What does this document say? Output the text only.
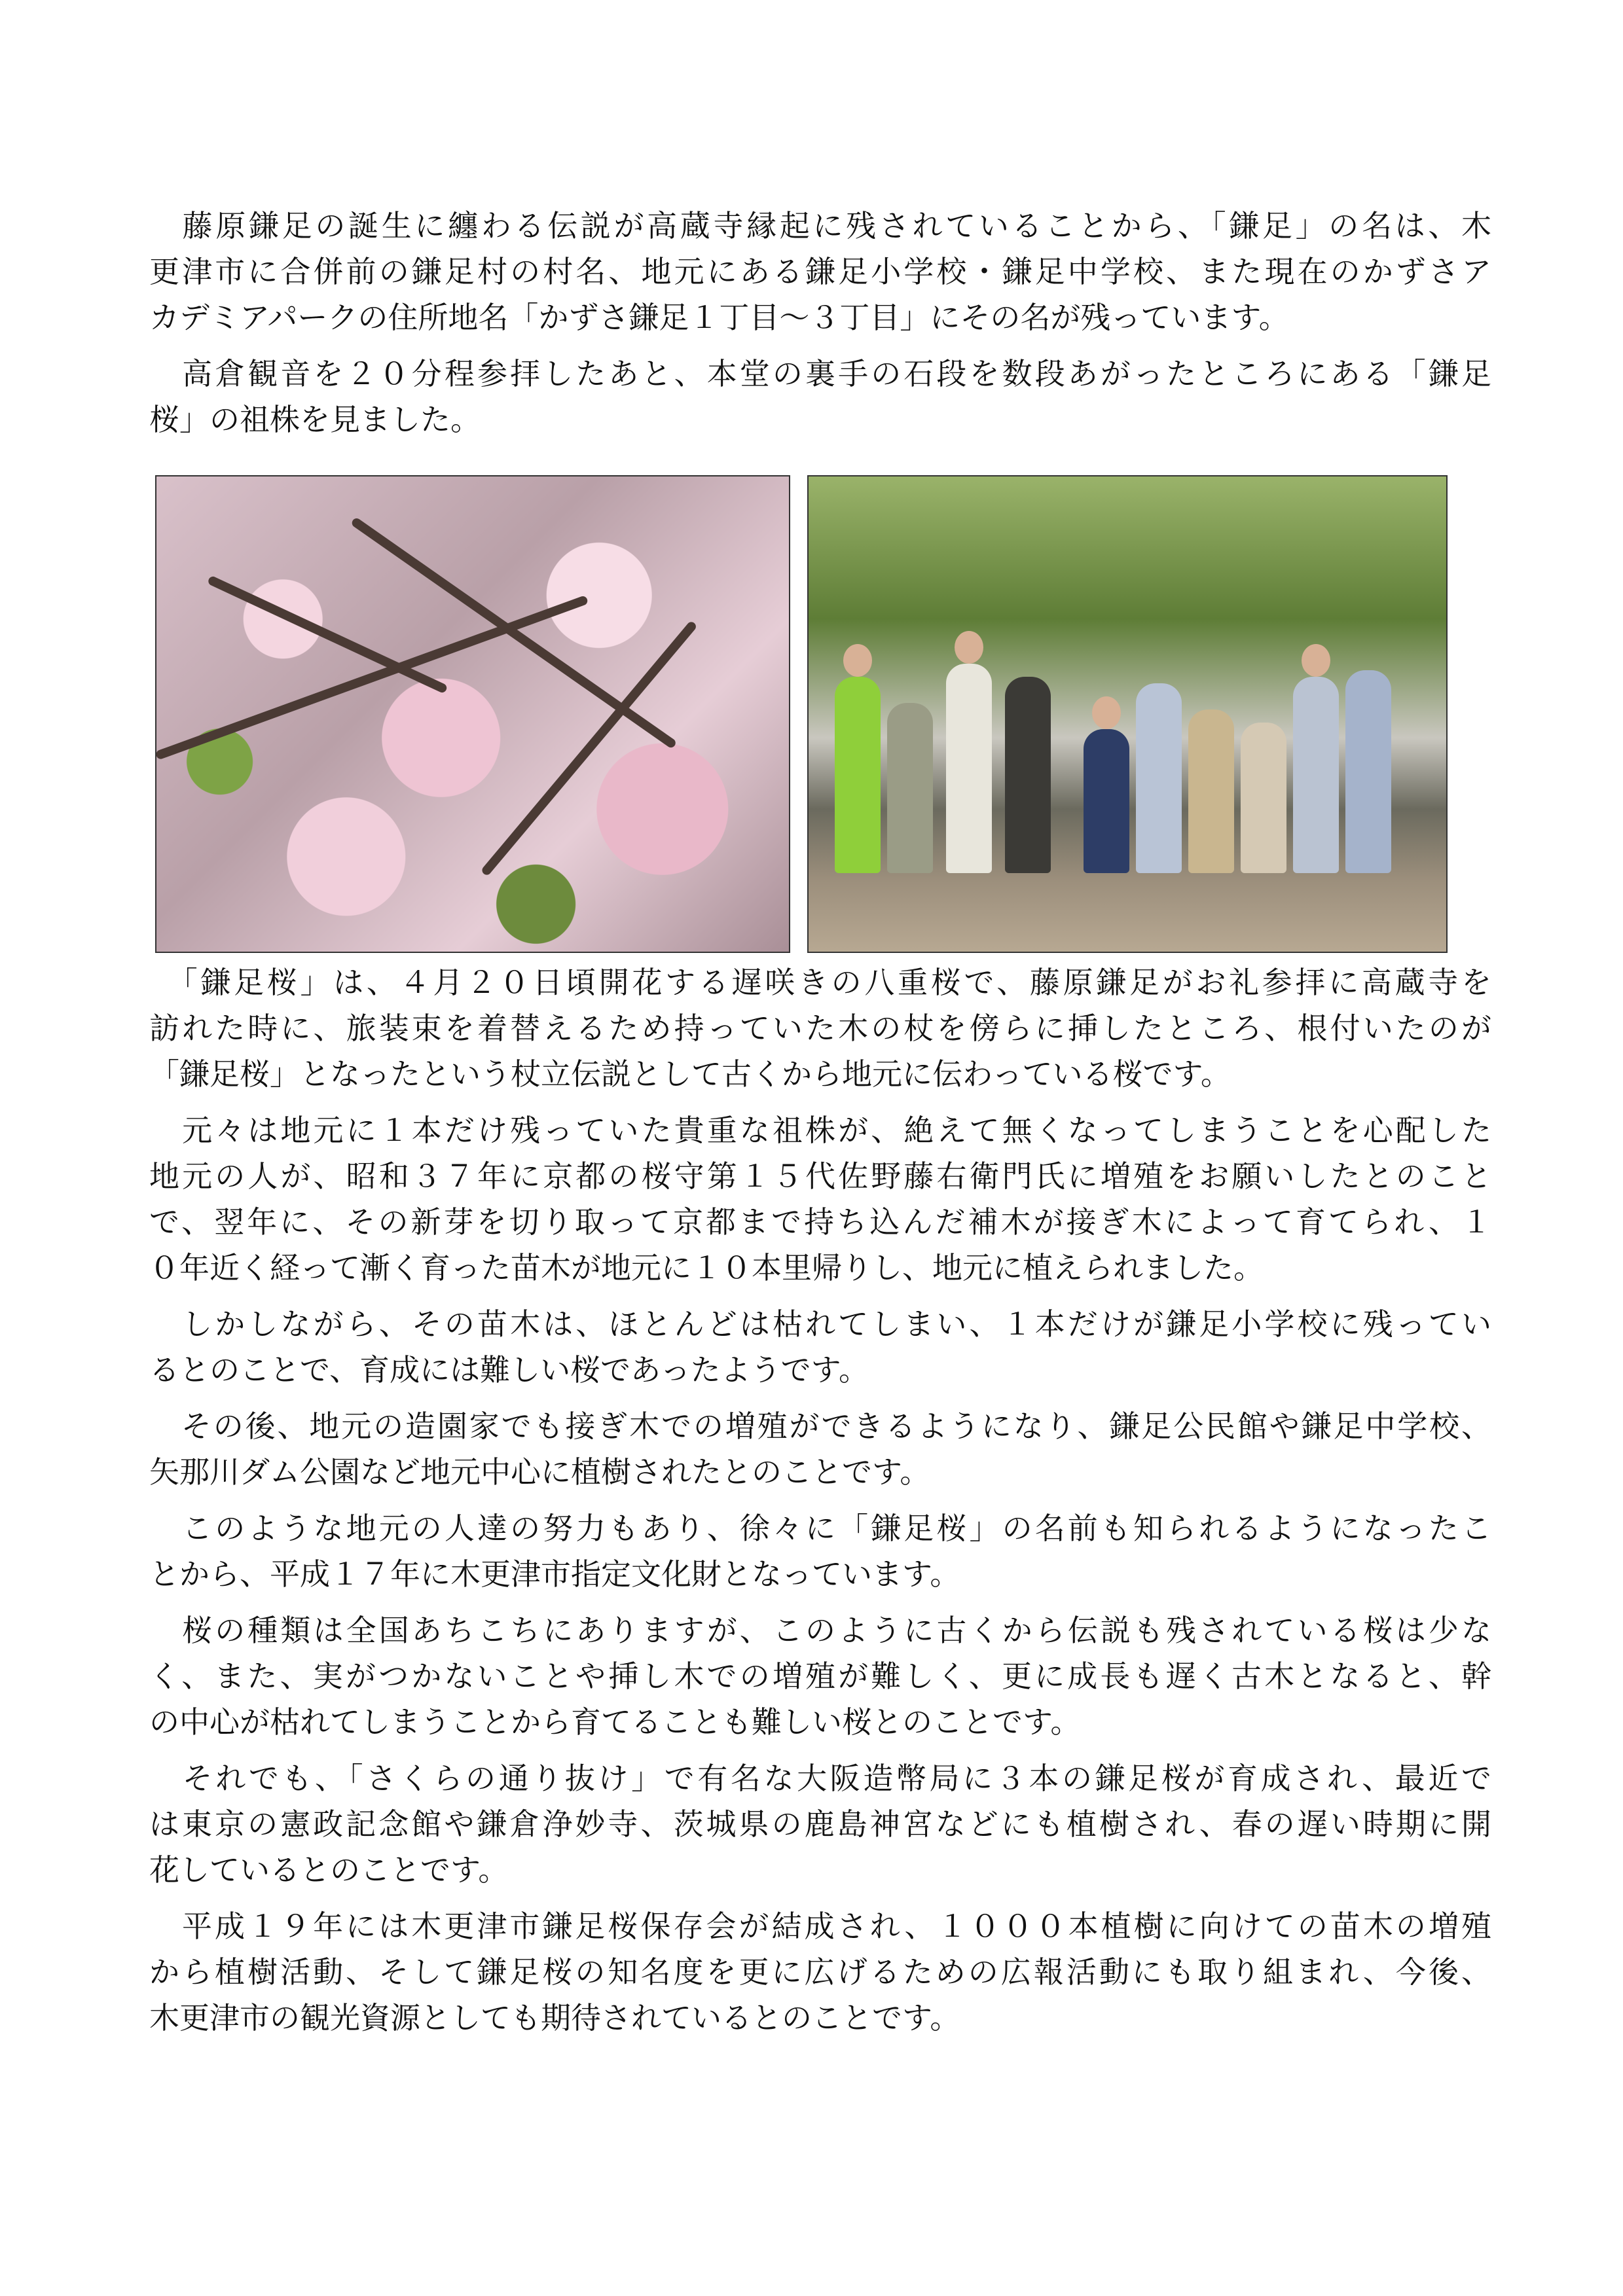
　藤原鎌足の誕生に纏わる伝説が高蔵寺縁起に残されていることから、「鎌足」の名は、木
更津市に合併前の鎌足村の村名、地元にある鎌足小学校・鎌足中学校、また現在のかずさア
カデミアパークの住所地名「かずさ鎌足１丁目～３丁目」にその名が残っています。
　高倉観音を２０分程参拝したあと、本堂の裏手の石段を数段あがったところにある「鎌足
桜」の祖株を見ました。
　「鎌足桜」は、４月２０日頃開花する遅咲きの八重桜で、藤原鎌足がお礼参拝に高蔵寺を
訪れた時に、旅装束を着替えるため持っていた木の杖を傍らに挿したところ、根付いたのが
「鎌足桜」となったという杖立伝説として古くから地元に伝わっている桜です。
　元々は地元に１本だけ残っていた貴重な祖株が、絶えて無くなってしまうことを心配した
地元の人が、昭和３７年に京都の桜守第１５代佐野藤右衛門氏に増殖をお願いしたとのこと
で、翌年に、その新芽を切り取って京都まで持ち込んだ補木が接ぎ木によって育てられ、１
０年近く経って漸く育った苗木が地元に１０本里帰りし、地元に植えられました。
　しかしながら、その苗木は、ほとんどは枯れてしまい、１本だけが鎌足小学校に残ってい
るとのことで、育成には難しい桜であったようです。
　その後、地元の造園家でも接ぎ木での増殖ができるようになり、鎌足公民館や鎌足中学校、
矢那川ダム公園など地元中心に植樹されたとのことです。
　このような地元の人達の努力もあり、徐々に「鎌足桜」の名前も知られるようになったこ
とから、平成１７年に木更津市指定文化財となっています。
　桜の種類は全国あちこちにありますが、このように古くから伝説も残されている桜は少な
く、また、実がつかないことや挿し木での増殖が難しく、更に成長も遅く古木となると、幹
の中心が枯れてしまうことから育てることも難しい桜とのことです。
　それでも、「さくらの通り抜け」で有名な大阪造幣局に３本の鎌足桜が育成され、最近で
は東京の憲政記念館や鎌倉浄妙寺、茨城県の鹿島神宮などにも植樹され、春の遅い時期に開
花しているとのことです。
　平成１９年には木更津市鎌足桜保存会が結成され、１０００本植樹に向けての苗木の増殖
から植樹活動、そして鎌足桜の知名度を更に広げるための広報活動にも取り組まれ、今後、
木更津市の観光資源としても期待されているとのことです。
